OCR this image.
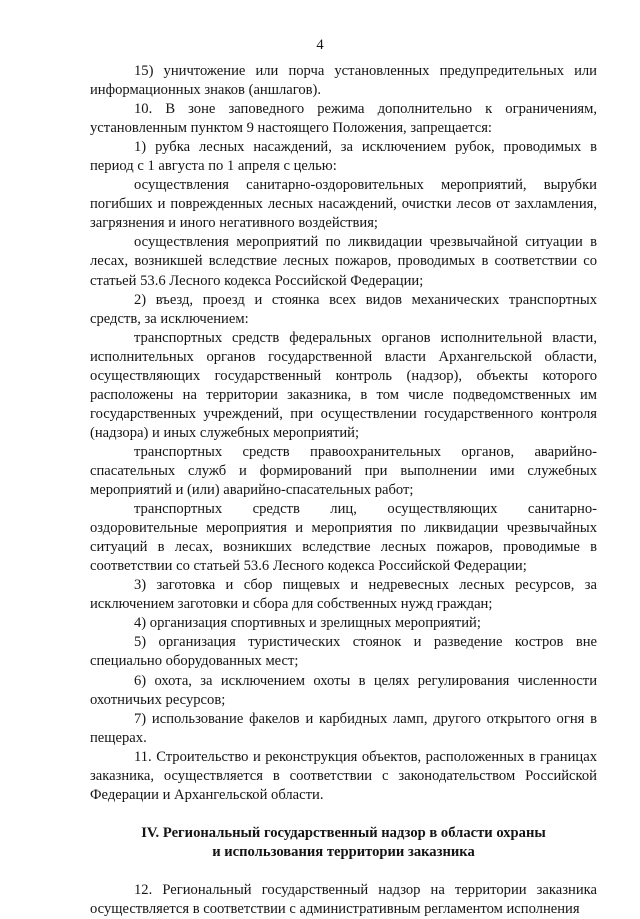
4

15) уничтожение или порча установленных предупредительных или информационных знаков (аншлагов).

10. В зоне заповедного режима дополнительно к ограничениям, установленным пунктом 9 настоящего Положения, запрещается:

1) рубка лесных насаждений, за исключением рубок, проводимых в период с 1 августа по 1 апреля с целью:

осуществления санитарно-оздоровительных мероприятий, вырубки погибших и поврежденных лесных насаждений, очистки лесов от захламления, загрязнения и иного негативного воздействия;

осуществления мероприятий по ликвидации чрезвычайной ситуации в лесах, возникшей вследствие лесных пожаров, проводимых в соответствии со статьей 53.6 Лесного кодекса Российской Федерации;

2) въезд, проезд и стоянка всех видов механических транспортных средств, за исключением:

транспортных средств федеральных органов исполнительной власти, исполнительных органов государственной власти Архангельской области, осуществляющих государственный контроль (надзор), объекты которого расположены на территории заказника, в том числе подведомственных им государственных учреждений, при осуществлении государственного контроля (надзора) и иных служебных мероприятий;

транспортных средств правоохранительных органов, аварийно-спасательных служб и формирований при выполнении ими служебных мероприятий и (или) аварийно-спасательных работ;

транспортных средств лиц, осуществляющих санитарно-оздоровительные мероприятия и мероприятия по ликвидации чрезвычайных ситуаций в лесах, возникших вследствие лесных пожаров, проводимые в соответствии со статьей 53.6 Лесного кодекса Российской Федерации;

3) заготовка и сбор пищевых и недревесных лесных ресурсов, за исключением заготовки и сбора для собственных нужд граждан;

4) организация спортивных и зрелищных мероприятий;

5) организация туристических стоянок и разведение костров вне специально оборудованных мест;

6) охота, за исключением охоты в целях регулирования численности охотничьих ресурсов;

7) использование факелов и карбидных ламп, другого открытого огня в пещерах.

11. Строительство и реконструкция объектов, расположенных в границах заказника, осуществляется в соответствии с законодательством Российской Федерации и Архангельской области.

IV. Региональный государственный надзор в области охраны
и использования территории заказника

12. Региональный государственный надзор на территории заказника осуществляется в соответствии с административным регламентом исполнения
